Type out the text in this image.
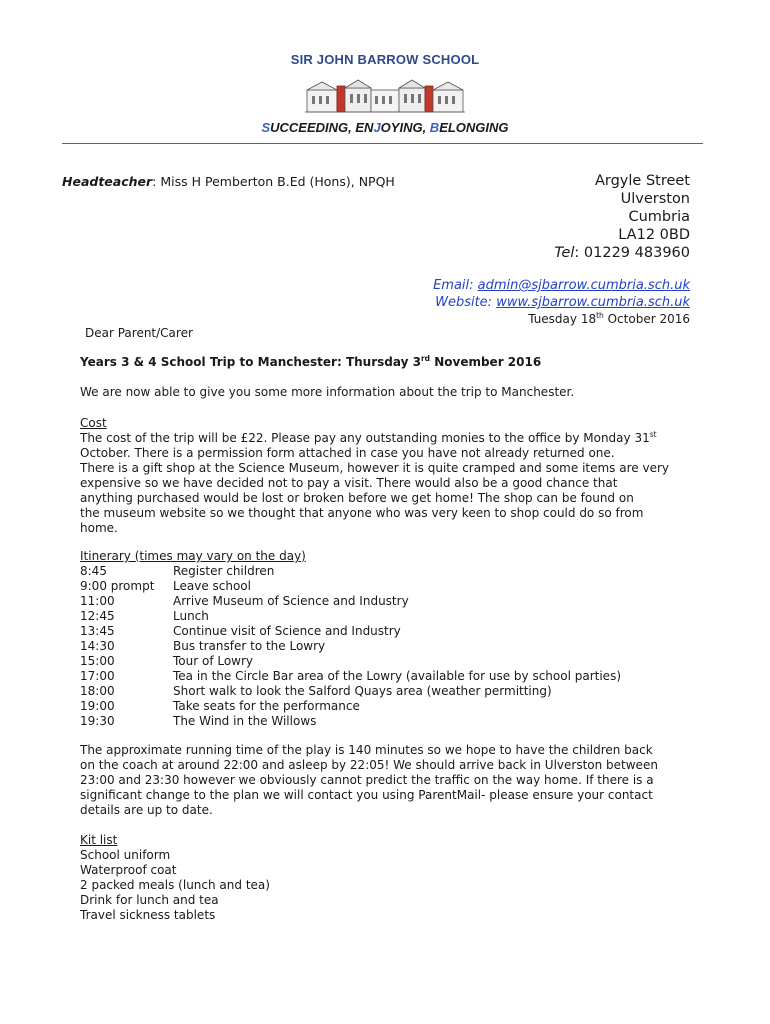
SIR JOHN BARROW SCHOOL
SUCCEEDING, ENJOYING, BELONGING
Headteacher: Miss H Pemberton B.Ed (Hons), NPQH	Argyle Street
Ulverston
Cumbria
LA12 0BD
Tel: 01229 483960
Email: admin@sjbarrow.cumbria.sch.uk
Website: www.sjbarrow.cumbria.sch.uk
Tuesday 18th October 2016
Dear Parent/Carer
Years 3 & 4 School Trip to Manchester: Thursday 3rd November 2016
We are now able to give you some more information about the trip to Manchester.
Cost
The cost of the trip will be £22. Please pay any outstanding monies to the office by Monday 31st
October. There is a permission form attached in case you have not already returned one.
There is a gift shop at the Science Museum, however it is quite cramped and some items are very
expensive so we have decided not to pay a visit. There would also be a good chance that
anything purchased would be lost or broken before we get home! The shop can be found on
the museum website so we thought that anyone who was very keen to shop could do so from
home.
Itinerary (times may vary on the day)
8:45	Register children
9:00 prompt	Leave school
11:00	Arrive Museum of Science and Industry
12:45	Lunch
13:45	Continue visit of Science and Industry
14:30	Bus transfer to the Lowry
15:00	Tour of Lowry
17:00	Tea in the Circle Bar area of the Lowry (available for use by school parties)
18:00	Short walk to look the Salford Quays area (weather permitting)
19:00	Take seats for the performance
19:30	The Wind in the Willows
The approximate running time of the play is 140 minutes so we hope to have the children back
on the coach at around 22:00 and asleep by 22:05! We should arrive back in Ulverston between
23:00 and 23:30 however we obviously cannot predict the traffic on the way home. If there is a
significant change to the plan we will contact you using ParentMail- please ensure your contact
details are up to date.
Kit list
School uniform
Waterproof coat
2 packed meals (lunch and tea)
Drink for lunch and tea
Travel sickness tablets
